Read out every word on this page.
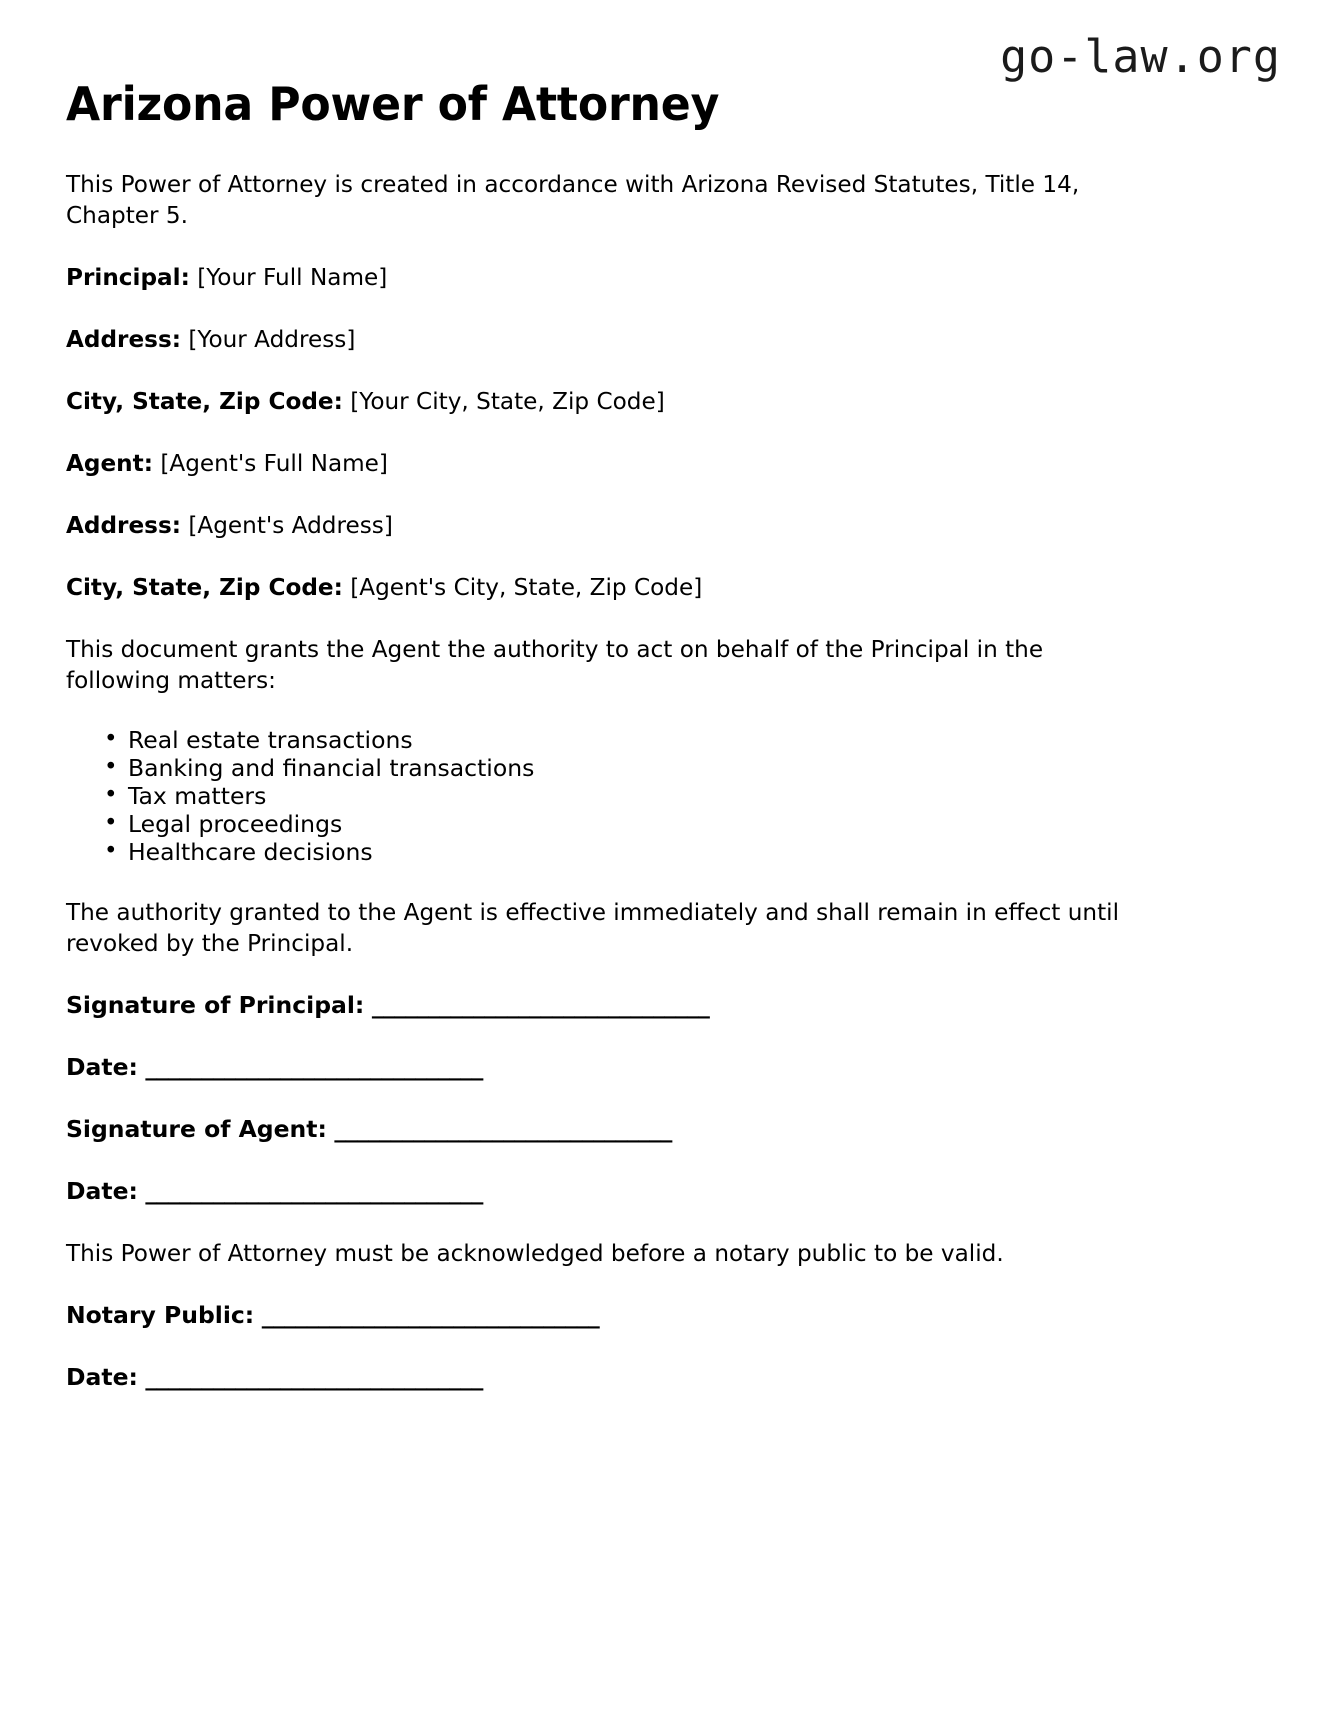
go-law.org
Arizona Power of Attorney

This Power of Attorney is created in accordance with Arizona Revised Statutes, Title 14, Chapter 5.

Principal: [Your Full Name]

Address: [Your Address]

City, State, Zip Code: [Your City, State, Zip Code]

Agent: [Agent's Full Name]

Address: [Agent's Address]

City, State, Zip Code: [Agent's City, State, Zip Code]

This document grants the Agent the authority to act on behalf of the Principal in the following matters:

• Real estate transactions
• Banking and financial transactions
• Tax matters
• Legal proceedings
• Healthcare decisions

The authority granted to the Agent is effective immediately and shall remain in effect until revoked by the Principal.

Signature of Principal: ______________________________

Date: ______________________________

Signature of Agent: ______________________________

Date: ______________________________

This Power of Attorney must be acknowledged before a notary public to be valid.

Notary Public: ______________________________

Date: ______________________________
